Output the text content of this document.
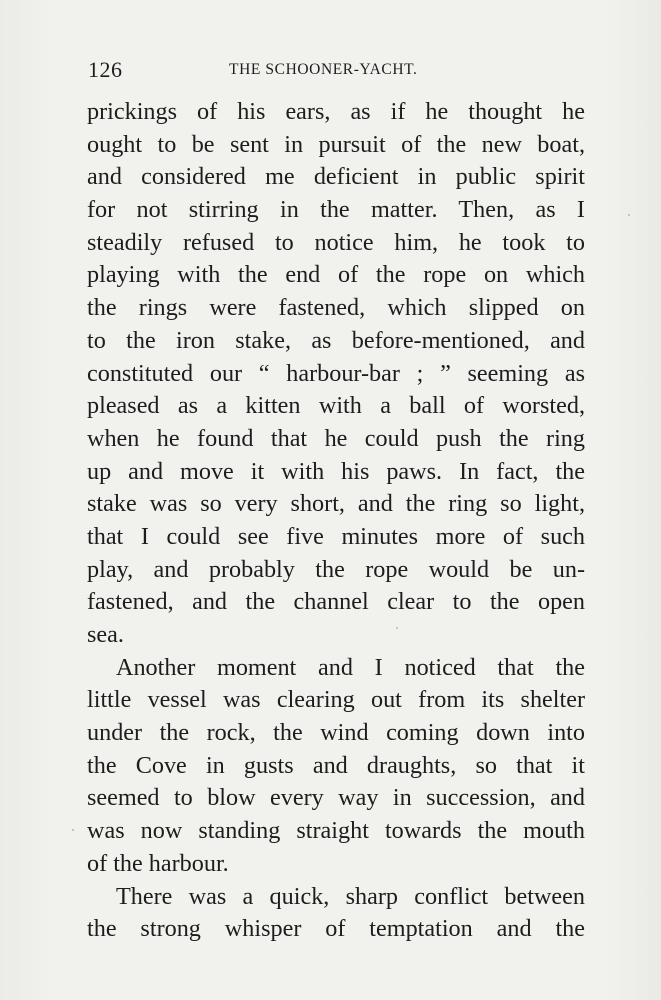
126	THE SCHOONER-YACHT.
prickings of his ears, as if he thought he
ought to be sent in pursuit of the new boat,
and considered me deficient in public spirit
for not stirring in the matter. Then, as I
steadily refused to notice him, he took to
playing with the end of the rope on which
the rings were fastened, which slipped on
to the iron stake, as before-mentioned, and
constituted our “ harbour-bar ; ” seeming as
pleased as a kitten with a ball of worsted,
when he found that he could push the ring
up and move it with his paws. In fact, the
stake was so very short, and the ring so light,
that I could see five minutes more of such
play, and probably the rope would be un-
fastened, and the channel clear to the open
sea.
Another moment and I noticed that the
little vessel was clearing out from its shelter
under the rock, the wind coming down into
the Cove in gusts and draughts, so that it
seemed to blow every way in succession, and
was now standing straight towards the mouth
of the harbour.
There was a quick, sharp conflict between
the strong whisper of temptation and the
